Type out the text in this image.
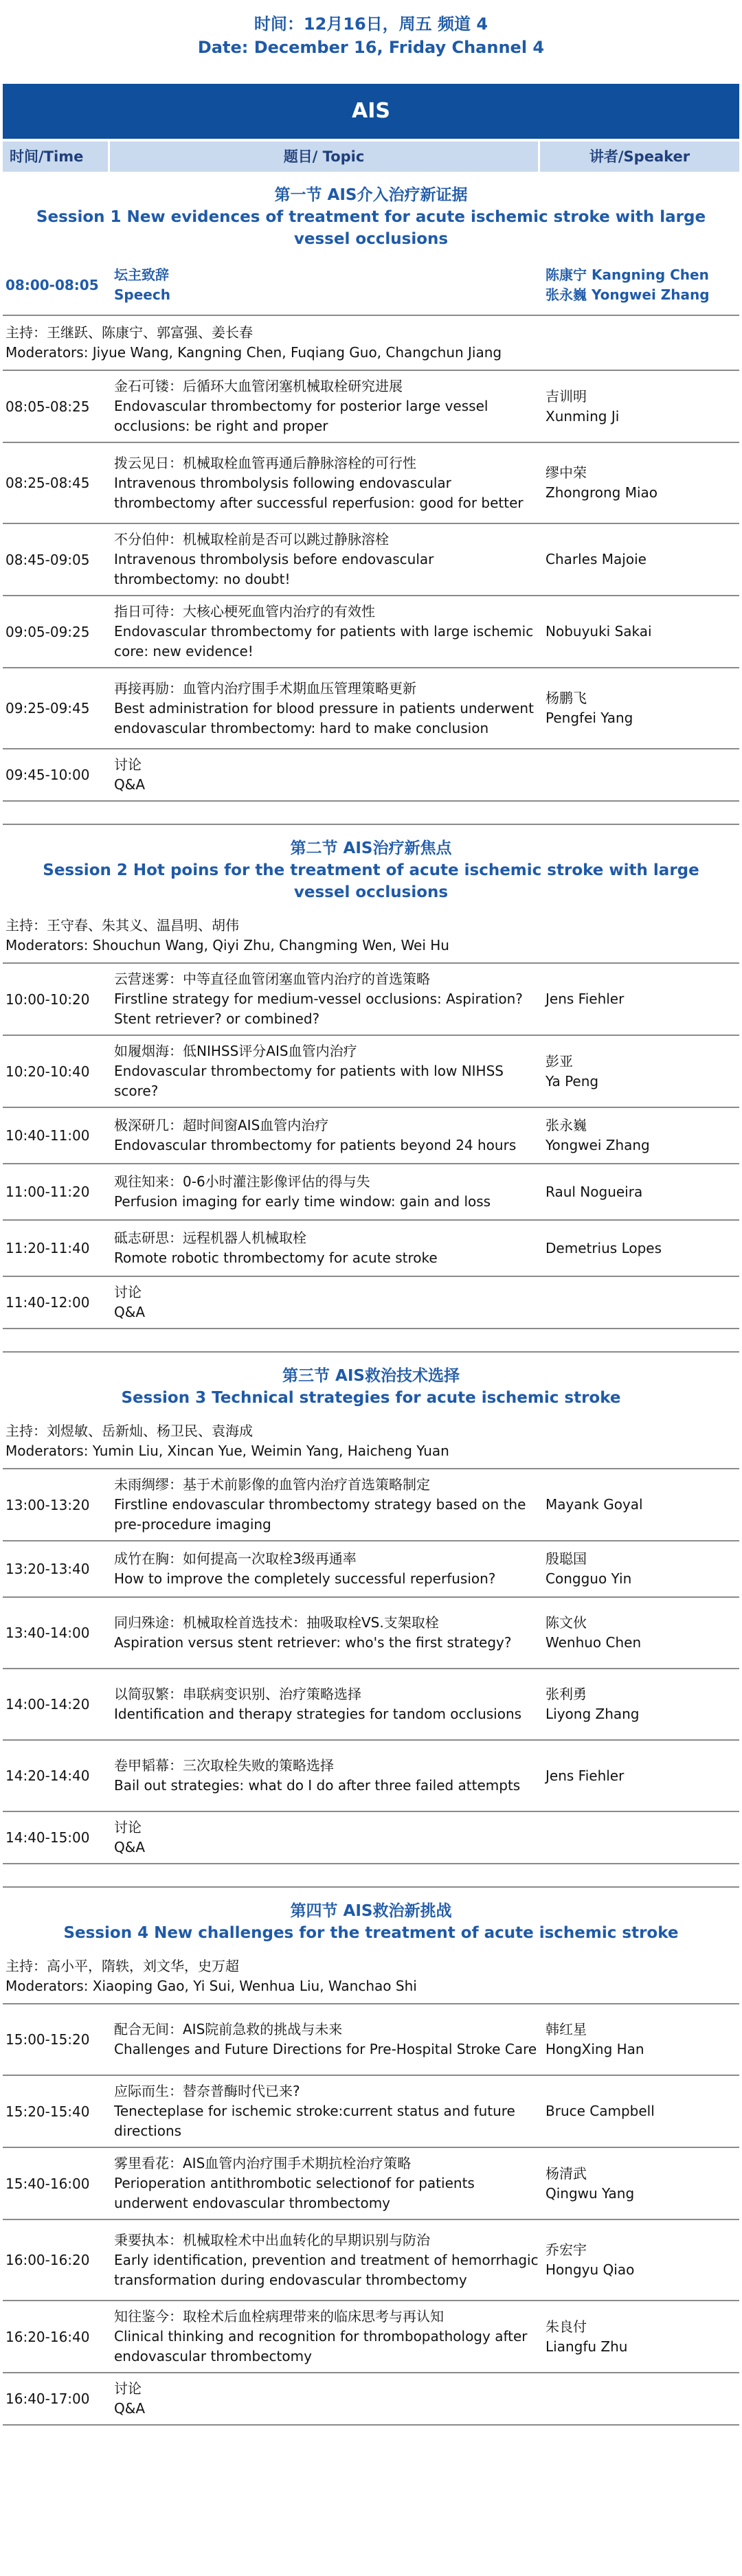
时间：12月16日，周五 频道 4
Date: December 16, Friday Channel 4
AIS
时间/Time	题目/ Topic	讲者/Speaker
第一节 AIS介入治疗新证据
Session 1 New evidences of treatment for acute ischemic stroke with large vessel occlusions
08:00-08:05
坛主致辞
Speech
陈康宁 Kangning Chen
张永巍 Yongwei Zhang
主持：王继跃、陈康宁、郭富强、姜长春
Moderators: Jiyue Wang, Kangning Chen, Fuqiang Guo, Changchun Jiang
08:05-08:25
金石可镂：后循环大血管闭塞机械取栓研究进展
Endovascular thrombectomy for posterior large vessel occlusions: be right and proper
吉训明
Xunming Ji
08:25-08:45
拨云见日：机械取栓血管再通后静脉溶栓的可行性
Intravenous thrombolysis following endovascular thrombectomy after successful reperfusion: good for better
缪中荣
Zhongrong Miao
08:45-09:05
不分伯仲：机械取栓前是否可以跳过静脉溶栓
Intravenous thrombolysis before endovascular thrombectomy: no doubt!
Charles Majoie
09:05-09:25
指日可待：大核心梗死血管内治疗的有效性
Endovascular thrombectomy for patients with large ischemic core: new evidence!
Nobuyuki Sakai
09:25-09:45
再接再励：血管内治疗围手术期血压管理策略更新
Best administration for blood pressure in patients underwent endovascular thrombectomy: hard to make conclusion
杨鹏飞
Pengfei Yang
09:45-10:00
讨论
Q&A
第二节 AIS治疗新焦点
Session 2 Hot poins for the treatment of acute ischemic stroke with large vessel occlusions
主持：王守春、朱其义、温昌明、胡伟
Moderators: Shouchun Wang, Qiyi Zhu, Changming Wen, Wei Hu
10:00-10:20
云营迷雾：中等直径血管闭塞血管内治疗的首选策略
Firstline strategy for medium-vessel occlusions: Aspiration? Stent retriever? or combined?
Jens Fiehler
10:20-10:40
如履烟海：低NIHSS评分AIS血管内治疗
Endovascular thrombectomy for patients with low NIHSS score?
彭亚
Ya Peng
10:40-11:00
极深研几：超时间窗AIS血管内治疗
Endovascular thrombectomy for patients beyond 24 hours
张永巍
Yongwei Zhang
11:00-11:20
观往知来：0-6小时灌注影像评估的得与失
Perfusion imaging for early time window: gain and loss
Raul Nogueira
11:20-11:40
砥志研思：远程机器人机械取栓
Romote robotic thrombectomy for acute stroke
Demetrius Lopes
11:40-12:00
讨论
Q&A
第三节 AIS救治技术选择
Session 3 Technical strategies for acute ischemic stroke
主持：刘煜敏、岳新灿、杨卫民、袁海成
Moderators: Yumin Liu, Xincan Yue, Weimin Yang, Haicheng Yuan
13:00-13:20
未雨绸缪：基于术前影像的血管内治疗首选策略制定
Firstline endovascular thrombectomy strategy based on the pre-procedure imaging
Mayank Goyal
13:20-13:40
成竹在胸：如何提高一次取栓3级再通率
How to improve the completely successful reperfusion?
殷聪国
Congguo Yin
13:40-14:00
同归殊途：机械取栓首选技术：抽吸取栓VS.支架取栓
Aspiration versus stent retriever: who's the first strategy?
陈文伙
Wenhuo Chen
14:00-14:20
以简驭繁：串联病变识别、治疗策略选择
Identification and therapy strategies for tandom occlusions
张利勇
Liyong Zhang
14:20-14:40
卷甲韬幕：三次取栓失败的策略选择
Bail out strategies: what do I do after three failed attempts
Jens Fiehler
14:40-15:00
讨论
Q&A
第四节 AIS救治新挑战
Session 4 New challenges for the treatment of acute ischemic stroke
主持：高小平，隋轶，刘文华，史万超
Moderators: Xiaoping Gao, Yi Sui, Wenhua Liu, Wanchao Shi
15:00-15:20
配合无间：AIS院前急救的挑战与未来
Challenges and Future Directions for Pre-Hospital Stroke Care
韩红星
HongXing Han
15:20-15:40
应际而生：替奈普酶时代已来?
Tenecteplase for ischemic stroke:current status and future directions
Bruce Campbell
15:40-16:00
雾里看花：AIS血管内治疗围手术期抗栓治疗策略
Perioperation antithrombotic selectionof for patients underwent endovascular thrombectomy
杨清武
Qingwu Yang
16:00-16:20
秉要执本：机械取栓术中出血转化的早期识别与防治
Early identification, prevention and treatment of hemorrhagic transformation during endovascular thrombectomy
乔宏宇
Hongyu Qiao
16:20-16:40
知往鉴今：取栓术后血栓病理带来的临床思考与再认知
Clinical thinking and recognition for thrombopathology after endovascular thrombectomy
朱良付
Liangfu Zhu
16:40-17:00
讨论
Q&A
